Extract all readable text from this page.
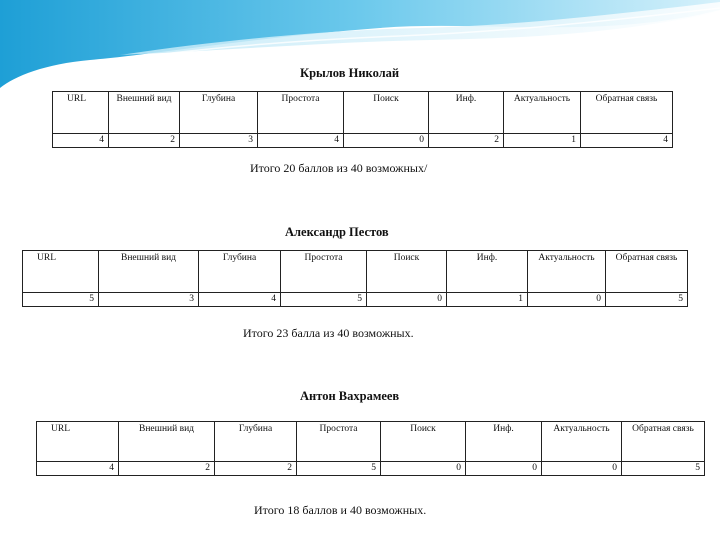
Крылов Николай
URL	Внешний вид	Глубина	Простота	Поиск	Инф.	Актуальность	Обратная связь
4	2	3	4	0	2	1	4
Итого 20 баллов из 40 возможных/
Александр Пестов
URL	Внешний вид	Глубина	Простота	Поиск	Инф.	Актуальность	Обратная связь
5	3	4	5	0	1	0	5
Итого 23 балла из 40 возможных.
Антон Вахрамеев
URL	Внешний вид	Глубина	Простота	Поиск	Инф.	Актуальность	Обратная связь
4	2	2	5	0	0	0	5
Итого 18 баллов и 40 возможных.
